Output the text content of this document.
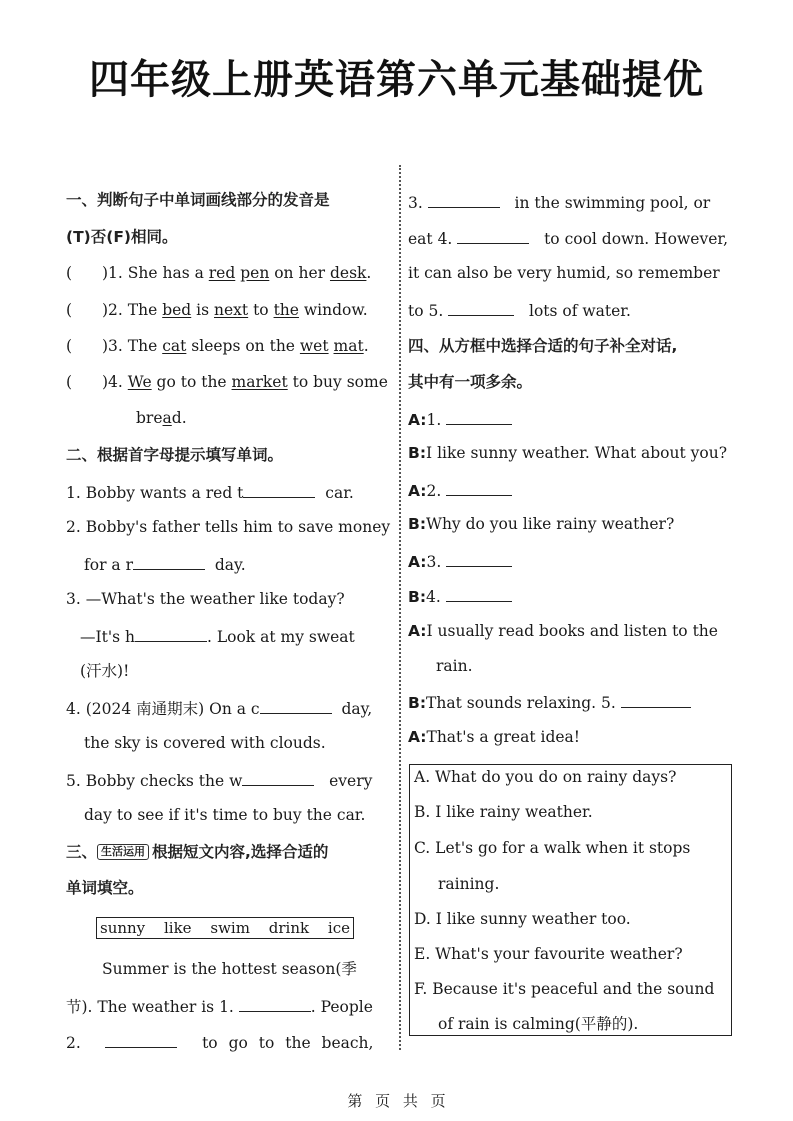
四年级上册英语第六单元基础提优
一、判断句子中单词画线部分的发音是
(T)否(F)相同。
( )1. She has a red pen on her desk.
( )2. The bed is next to the window.
( )3. The cat sleeps on the wet mat.
( )4. We go to the market to buy some
bread.
二、根据首字母提示填写单词。
1. Bobby wants a red t	car.
2. Bobby's father tells him to save money
for a r	day.
3. —What's the weather like today?
—It's h	. Look at my sweat
(汗水)!
4. (2024 南通期末) On a c	day,
the sky is covered with clouds.
5. Bobby checks the w	every
day to see if it's time to buy the car.
三、 生活运用 根据短文内容,选择合适的
单词填空。
sunny like swim drink ice
Summer is the hottest season(季
节). The weather is 1.	. People
2.	to go to the beach,
3.	in the swimming pool, or
eat 4.	to cool down. However,
it can also be very humid, so remember
to 5.	lots of water.
四、从方框中选择合适的句子补全对话,
其中有一项多余。
A:1.
B:I like sunny weather. What about you?
A:2.
B:Why do you like rainy weather?
A:3.
B:4.
A:I usually read books and listen to the
rain.
B:That sounds relaxing. 5.
A:That's a great idea!
A. What do you do on rainy days?
B. I like rainy weather.
C. Let's go for a walk when it stops
raining.
D. I like sunny weather too.
E. What's your favourite weather?
F. Because it's peaceful and the sound
of rain is calming(平静的).
第 页 共 页
